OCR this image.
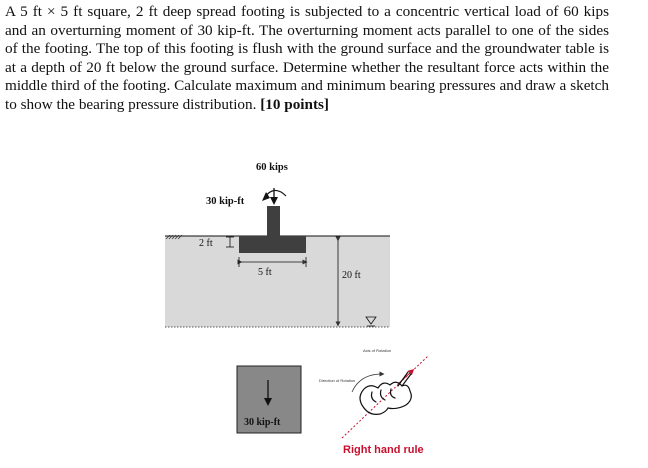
A 5 ft × 5 ft square, 2 ft deep spread footing is subjected to a concentric vertical load of 60 kips and an overturning moment of 30 kip-ft. The overturning moment acts parallel to one of the sides of the footing. The top of this footing is flush with the ground surface and the groundwater table is at a depth of 20 ft below the ground surface. Determine whether the resultant force acts within the middle third of the footing. Calculate maximum and minimum bearing pressures and draw a sketch to show the bearing pressure distribution. [10 points]

60 kips
30 kip-ft
2 ft
5 ft	20 ft
30 kip-ft
Axis of Rotation
Direction of Rotation
Right hand rule
